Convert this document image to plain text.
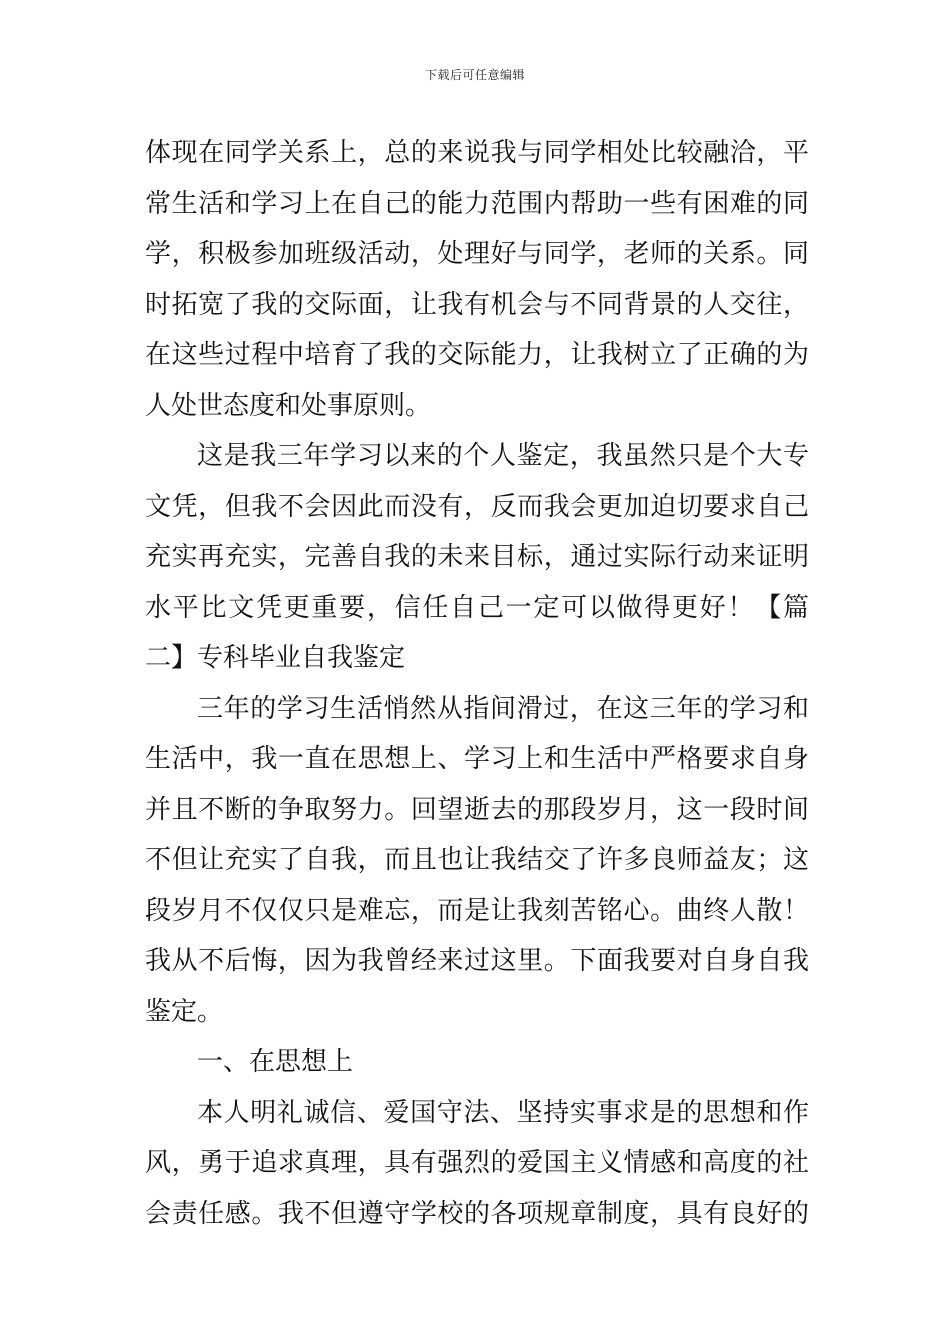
下载后可任意编辑
体现在同学关系上，总的来说我与同学相处比较融洽，平
常生活和学习上在自己的能力范围内帮助一些有困难的同
学，积极参加班级活动，处理好与同学，老师的关系。同
时拓宽了我的交际面，让我有机会与不同背景的人交往，
在这些过程中培育了我的交际能力，让我树立了正确的为
人处世态度和处事原则。
这是我三年学习以来的个人鉴定，我虽然只是个大专
文凭，但我不会因此而没有，反而我会更加迫切要求自己
充实再充实，完善自我的未来目标，通过实际行动来证明
水平比文凭更重要，信任自己一定可以做得更好！【篇
二】专科毕业自我鉴定
三年的学习生活悄然从指间滑过，在这三年的学习和
生活中，我一直在思想上、学习上和生活中严格要求自身
并且不断的争取努力。回望逝去的那段岁月，这一段时间
不但让充实了自我，而且也让我结交了许多良师益友；这
段岁月不仅仅只是难忘，而是让我刻苦铭心。曲终人散！
我从不后悔，因为我曾经来过这里。下面我要对自身自我
鉴定。
一、在思想上
本人明礼诚信、爱国守法、坚持实事求是的思想和作
风，勇于追求真理，具有强烈的爱国主义情感和高度的社
会责任感。我不但遵守学校的各项规章制度，具有良好的
